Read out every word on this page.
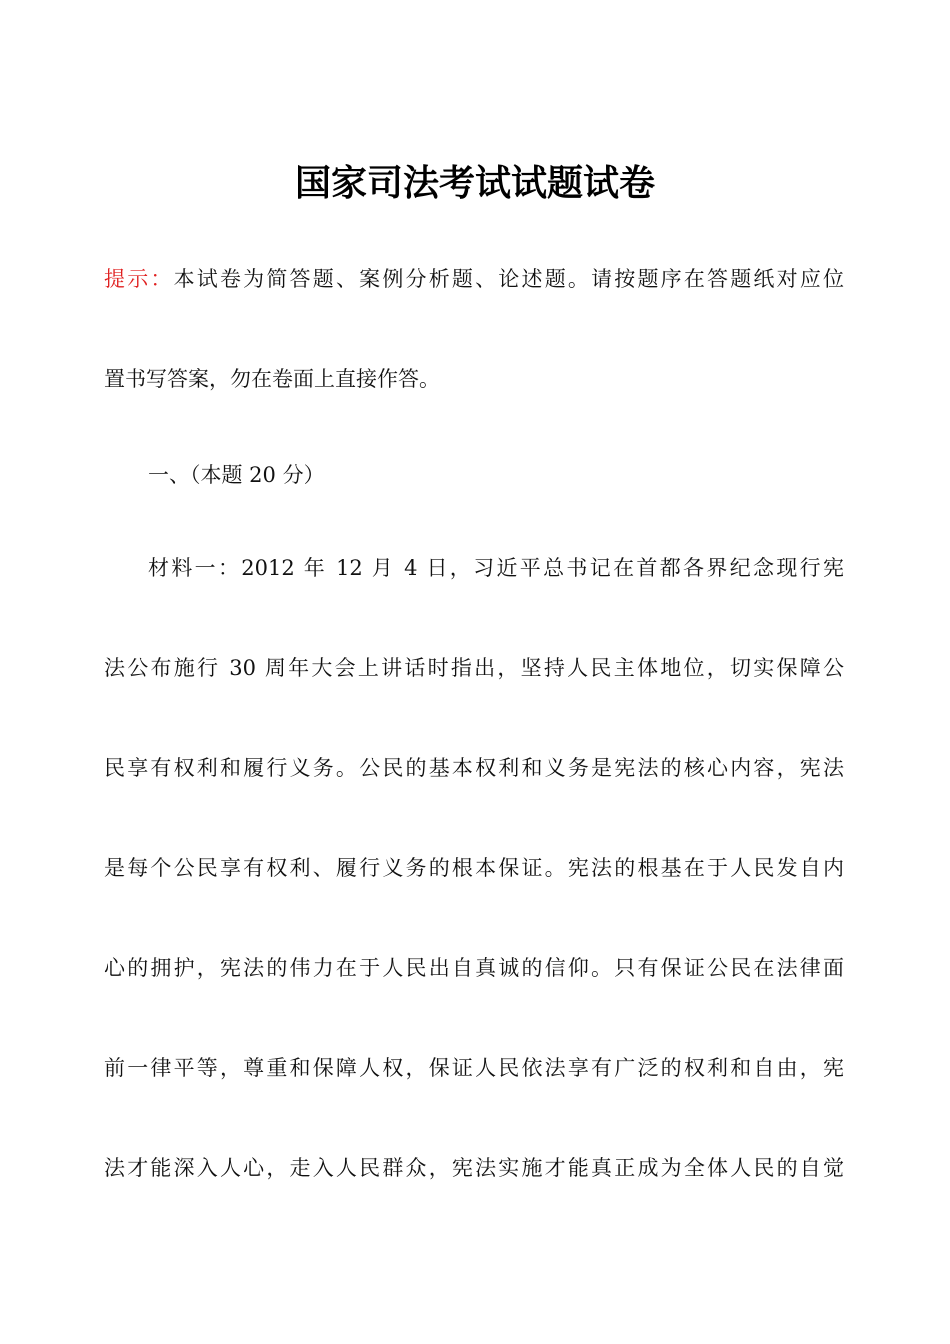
国家司法考试试题试卷
提示：本试卷为简答题、案例分析题、论述题。请按题序在答题纸对应位
置书写答案，勿在卷面上直接作答。
一、（本题 20 分）
材料一：2012 年 12 月 4 日，习近平总书记在首都各界纪念现行宪
法公布施行 30 周年大会上讲话时指出，坚持人民主体地位，切实保障公
民享有权利和履行义务。公民的基本权利和义务是宪法的核心内容，宪法
是每个公民享有权利、履行义务的根本保证。宪法的根基在于人民发自内
心的拥护，宪法的伟力在于人民出自真诚的信仰。只有保证公民在法律面
前一律平等，尊重和保障人权，保证人民依法享有广泛的权利和自由，宪
法才能深入人心，走入人民群众，宪法实施才能真正成为全体人民的自觉
